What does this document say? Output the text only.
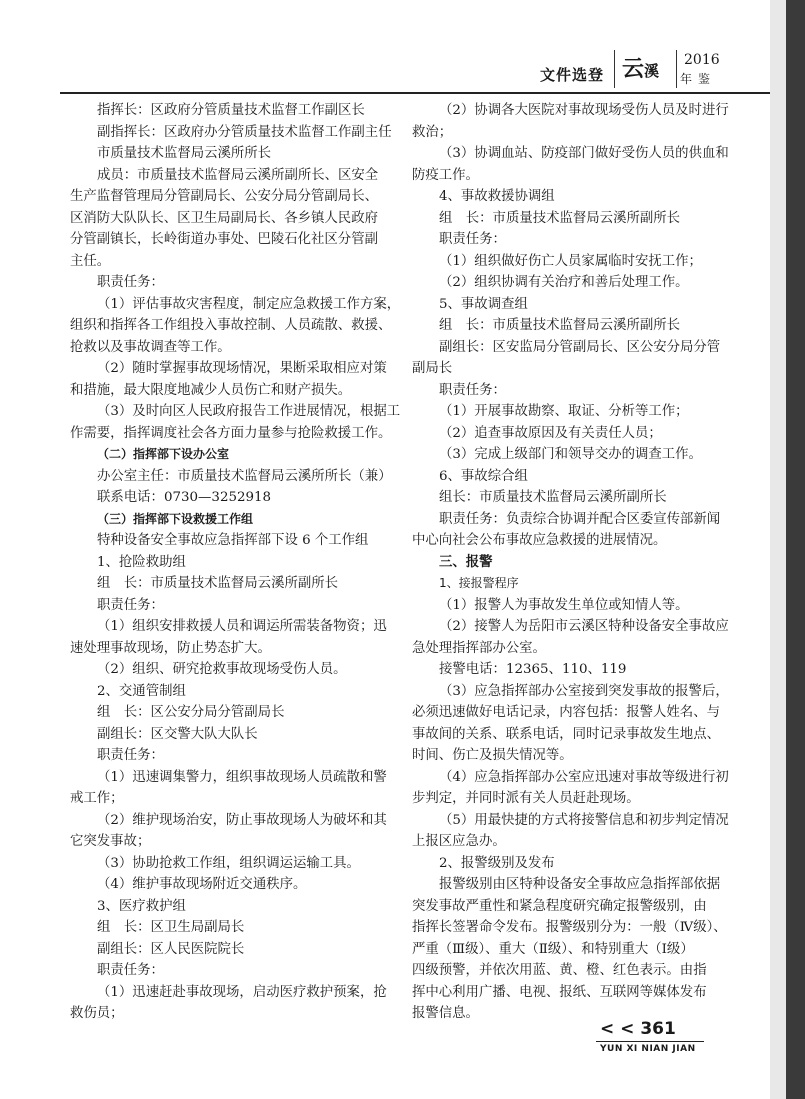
文件选登 云溪
2016
年鉴
指挥长：区政府分管质量技术监督工作副区长
副指挥长：区政府办分管质量技术监督工作副主任
市质量技术监督局云溪所所长
成员：市质量技术监督局云溪所副所长、区安全
生产监督管理局分管副局长、公安分局分管副局长、
区消防大队队长、区卫生局副局长、各乡镇人民政府
分管副镇长，长岭街道办事处、巴陵石化社区分管副
主任。
职责任务：
（1）评估事故灾害程度，制定应急救援工作方案，
组织和指挥各工作组投入事故控制、人员疏散、救援、
抢救以及事故调查等工作。
（2）随时掌握事故现场情况，果断采取相应对策
和措施，最大限度地减少人员伤亡和财产损失。
（3）及时向区人民政府报告工作进展情况，根据工
作需要，指挥调度社会各方面力量参与抢险救援工作。
（二）指挥部下设办公室
办公室主任：市质量技术监督局云溪所所长（兼）
联系电话：0730—3252918
（三）指挥部下设救援工作组
特种设备安全事故应急指挥部下设 6 个工作组
1、抢险救助组
组　长：市质量技术监督局云溪所副所长
职责任务：
（1）组织安排救援人员和调运所需装备物资；迅
速处理事故现场，防止势态扩大。
（2）组织、研究抢救事故现场受伤人员。
2、交通管制组
组　长：区公安分局分管副局长
副组长：区交警大队大队长
职责任务：
（1）迅速调集警力，组织事故现场人员疏散和警
戒工作；
（2）维护现场治安，防止事故现场人为破坏和其
它突发事故；
（3）协助抢救工作组，组织调运运输工具。
（4）维护事故现场附近交通秩序。
3、医疗救护组
组　长：区卫生局副局长
副组长：区人民医院院长
职责任务：
（1）迅速赶赴事故现场，启动医疗救护预案，抢
救伤员；
（2）协调各大医院对事故现场受伤人员及时进行
救治；
（3）协调血站、防疫部门做好受伤人员的供血和
防疫工作。
4、事故救援协调组
组　长：市质量技术监督局云溪所副所长
职责任务：
（1）组织做好伤亡人员家属临时安抚工作；
（2）组织协调有关治疗和善后处理工作。
5、事故调查组
组　长：市质量技术监督局云溪所副所长
副组长：区安监局分管副局长、区公安分局分管
副局长
职责任务：
（1）开展事故勘察、取证、分析等工作；
（2）追查事故原因及有关责任人员；
（3）完成上级部门和领导交办的调查工作。
6、事故综合组
组长：市质量技术监督局云溪所副所长
职责任务：负责综合协调并配合区委宣传部新闻
中心向社会公布事故应急救援的进展情况。
三、报警
1、接报警程序
（1）报警人为事故发生单位或知情人等。
（2）接警人为岳阳市云溪区特种设备安全事故应
急处理指挥部办公室。
接警电话：12365、110、119
（3）应急指挥部办公室接到突发事故的报警后，
必须迅速做好电话记录，内容包括：报警人姓名、与
事故间的关系、联系电话，同时记录事故发生地点、
时间、伤亡及损失情况等。
（4）应急指挥部办公室应迅速对事故等级进行初
步判定，并同时派有关人员赶赴现场。
（5）用最快捷的方式将接警信息和初步判定情况
上报区应急办。
2、报警级别及发布
报警级别由区特种设备安全事故应急指挥部依据
突发事故严重性和紧急程度研究确定报警级别，由
指挥长签署命令发布。报警级别分为：一般（Ⅳ级）、
严重（Ⅲ级）、重大（Ⅱ级）、和特别重大（Ⅰ级）
四级预警，并依次用蓝、黄、橙、红色表示。由指
挥中心利用广播、电视、报纸、互联网等媒体发布
报警信息。
< < 361
YUN XI NIAN JIAN
